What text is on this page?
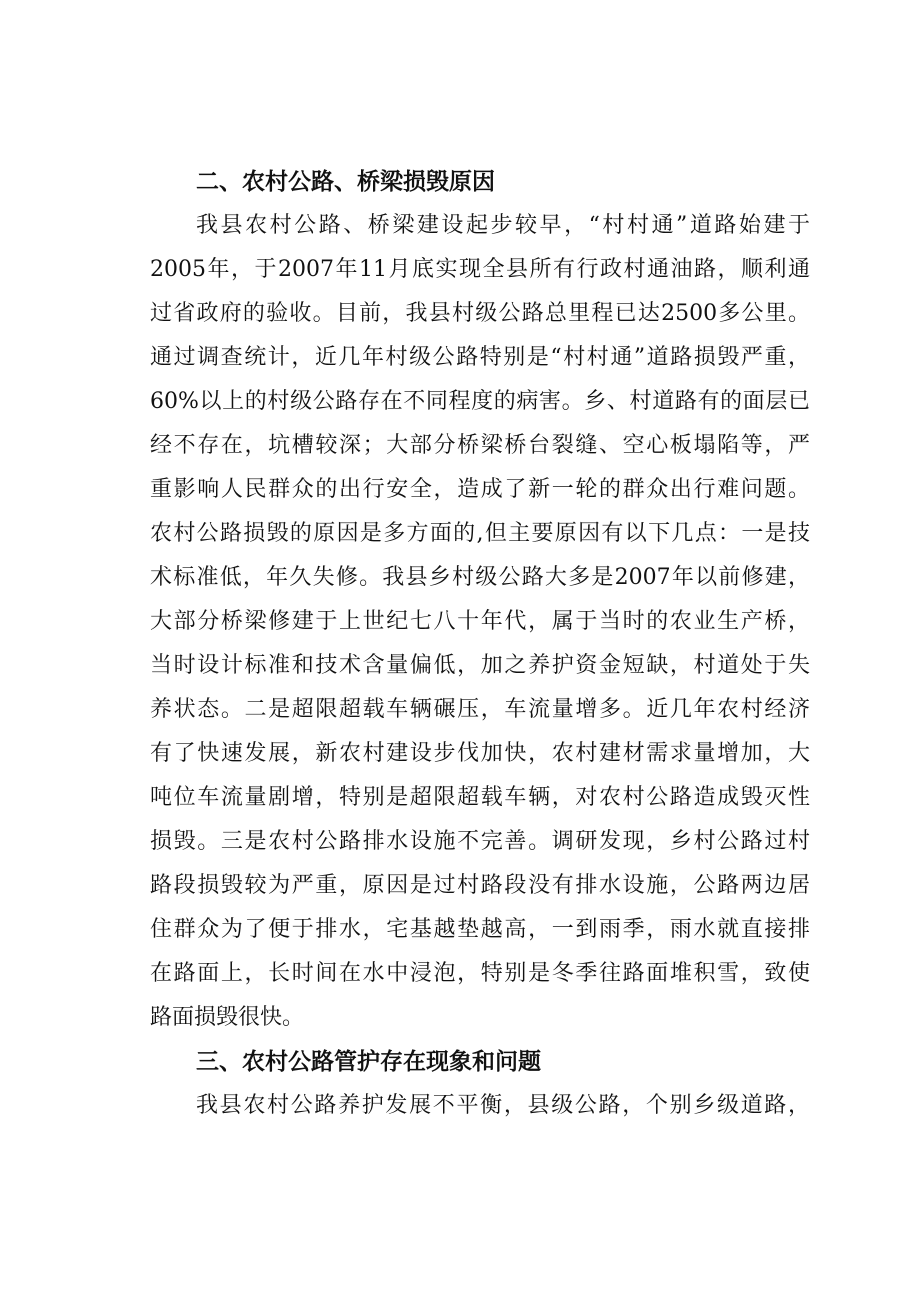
二、农村公路、桥梁损毁原因

我县农村公路、桥梁建设起步较早，“村村通”道路始建于

2005年，于2007年11月底实现全县所有行政村通油路，顺利通

过省政府的验收。目前，我县村级公路总里程已达2500多公里。

通过调查统计，近几年村级公路特别是“村村通”道路损毁严重，

60%以上的村级公路存在不同程度的病害。乡、村道路有的面层已

经不存在，坑槽较深；大部分桥梁桥台裂缝、空心板塌陷等，严

重影响人民群众的出行安全，造成了新一轮的群众出行难问题。

农村公路损毁的原因是多方面的,但主要原因有以下几点：一是技

术标准低，年久失修。我县乡村级公路大多是2007年以前修建，

大部分桥梁修建于上世纪七八十年代，属于当时的农业生产桥，

当时设计标准和技术含量偏低，加之养护资金短缺，村道处于失

养状态。二是超限超载车辆碾压，车流量增多。近几年农村经济

有了快速发展，新农村建设步伐加快，农村建材需求量增加，大

吨位车流量剧增，特别是超限超载车辆，对农村公路造成毁灭性

损毁。三是农村公路排水设施不完善。调研发现，乡村公路过村

路段损毁较为严重，原因是过村路段没有排水设施，公路两边居

住群众为了便于排水，宅基越垫越高，一到雨季，雨水就直接排

在路面上，长时间在水中浸泡，特别是冬季往路面堆积雪，致使

路面损毁很快。

三、农村公路管护存在现象和问题

我县农村公路养护发展不平衡，县级公路，个别乡级道路，
